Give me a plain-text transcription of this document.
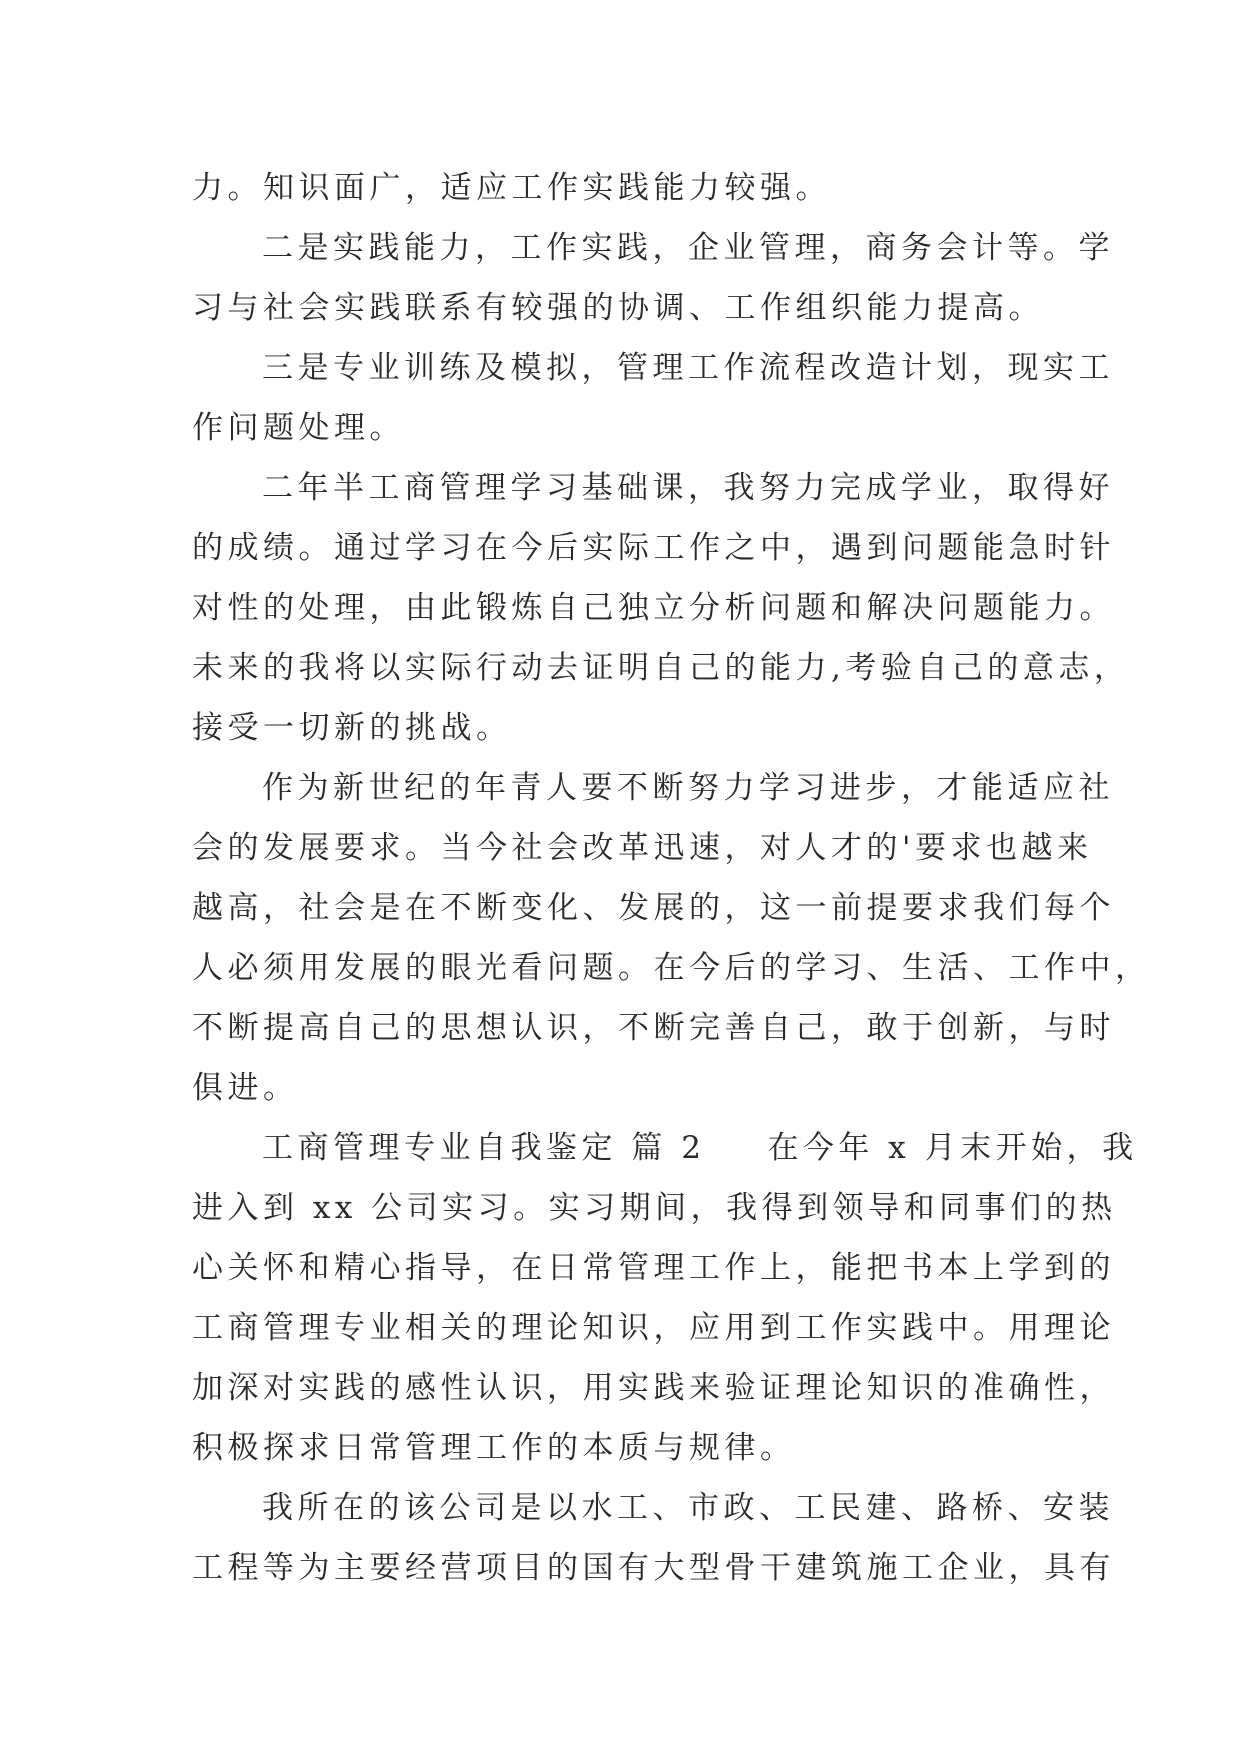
力。知识面广，适应工作实践能力较强。
二是实践能力，工作实践，企业管理，商务会计等。学
习与社会实践联系有较强的协调、工作组织能力提高。
三是专业训练及模拟，管理工作流程改造计划，现实工
作问题处理。
二年半工商管理学习基础课，我努力完成学业，取得好
的成绩。通过学习在今后实际工作之中，遇到问题能急时针
对性的处理，由此锻炼自己独立分析问题和解决问题能力。
未来的我将以实际行动去证明自己的能力,考验自己的意志，
接受一切新的挑战。
作为新世纪的年青人要不断努力学习进步，才能适应社
会的发展要求。当今社会改革迅速，对人才的'要求也越来
越高，社会是在不断变化、发展的，这一前提要求我们每个
人必须用发展的眼光看问题。在今后的学习、生活、工作中，
不断提高自己的思想认识，不断完善自己，敢于创新，与时
俱进。
工商管理专业自我鉴定 篇 2 在今年 x 月末开始，我
进入到 xx 公司实习。实习期间，我得到领导和同事们的热
心关怀和精心指导，在日常管理工作上，能把书本上学到的
工商管理专业相关的理论知识，应用到工作实践中。用理论
加深对实践的感性认识，用实践来验证理论知识的准确性，
积极探求日常管理工作的本质与规律。
我所在的该公司是以水工、市政、工民建、路桥、安装
工程等为主要经营项目的国有大型骨干建筑施工企业，具有
